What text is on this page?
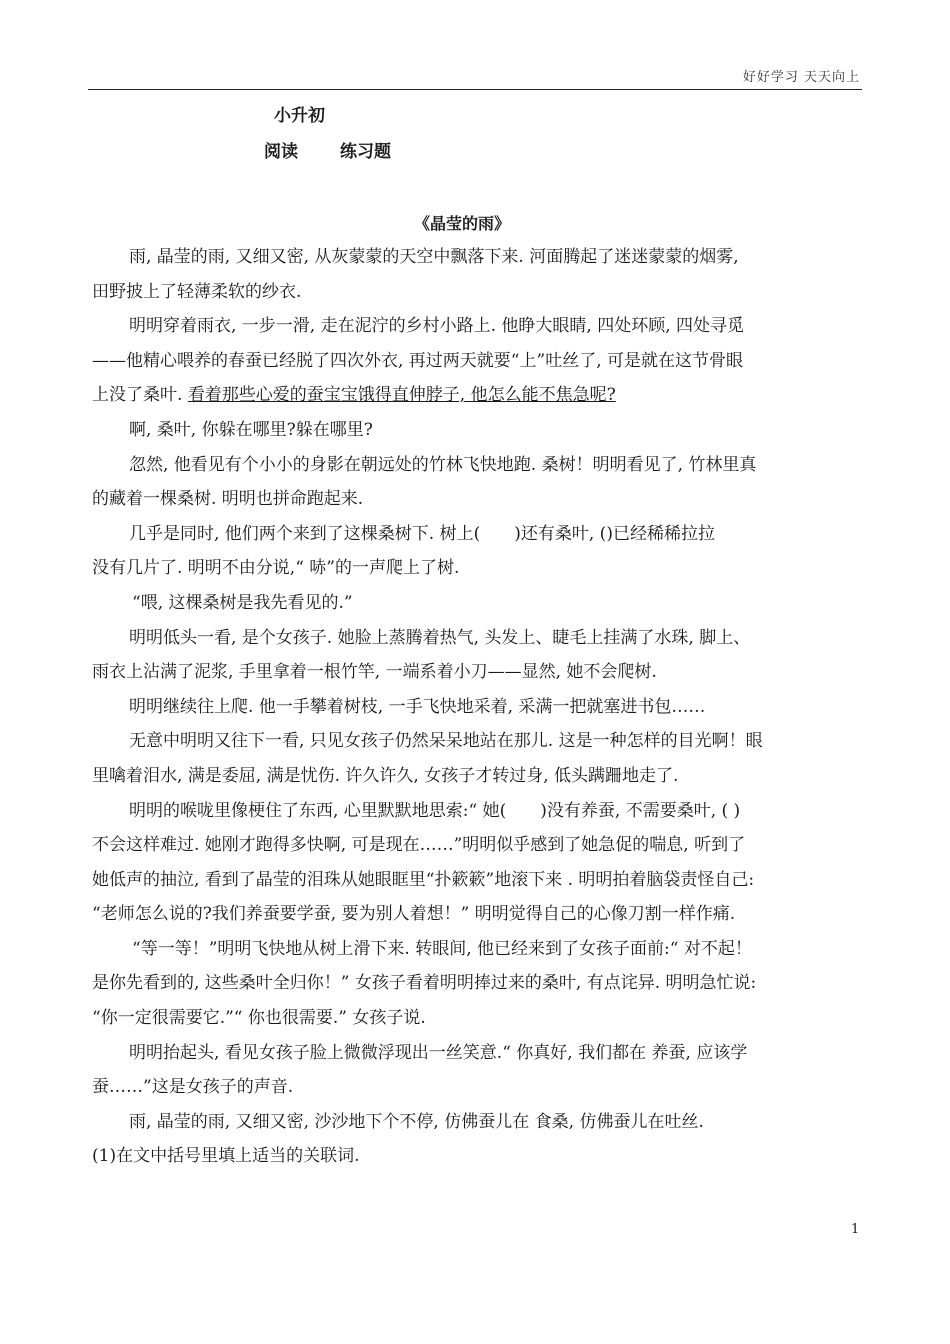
好好学习 天天向上
小升初
阅读 练习题
《晶莹的雨》
雨, 晶莹的雨, 又细又密, 从灰蒙蒙的天空中飘落下来. 河面腾起了迷迷蒙蒙的烟雾,
田野披上了轻薄柔软的纱衣.
明明穿着雨衣, 一步一滑, 走在泥泞的乡村小路上. 他睁大眼睛, 四处环顾, 四处寻觅
——他精心喂养的春蚕已经脱了四次外衣, 再过两天就要“上”吐丝了, 可是就在这节骨眼
上没了桑叶. 看着那些心爱的蚕宝宝饿得直伸脖子, 他怎么能不焦急呢?
啊, 桑叶, 你躲在哪里?躲在哪里?
忽然, 他看见有个小小的身影在朝远处的竹林飞快地跑. 桑树！明明看见了, 竹林里真
的藏着一棵桑树. 明明也拼命跑起来.
几乎是同时, 他们两个来到了这棵桑树下. 树上(　　)还有桑叶, ()已经稀稀拉拉
没有几片了. 明明不由分说,“ 哧”的一声爬上了树.
“喂, 这棵桑树是我先看见的.”
明明低头一看, 是个女孩子. 她脸上蒸腾着热气, 头发上、睫毛上挂满了水珠, 脚上、
雨衣上沾满了泥浆, 手里拿着一根竹竿, 一端系着小刀——显然, 她不会爬树.
明明继续往上爬. 他一手攀着树枝, 一手飞快地采着, 采满一把就塞进书包……
无意中明明又往下一看, 只见女孩子仍然呆呆地站在那儿. 这是一种怎样的目光啊！眼
里噙着泪水, 满是委屈, 满是忧伤. 许久许久, 女孩子才转过身, 低头蹒跚地走了.
明明的喉咙里像梗住了东西, 心里默默地思索:“ 她(　　)没有养蚕, 不需要桑叶, ( )
不会这样难过. 她刚才跑得多快啊, 可是现在……”明明似乎感到了她急促的喘息, 听到了
她低声的抽泣, 看到了晶莹的泪珠从她眼眶里“扑簌簌”地滚下来 . 明明拍着脑袋责怪自己:
“老师怎么说的?我们养蚕要学蚕, 要为别人着想！” 明明觉得自己的心像刀割一样作痛.
“等一等！”明明飞快地从树上滑下来. 转眼间, 他已经来到了女孩子面前:“ 对不起！
是你先看到的, 这些桑叶全归你！” 女孩子看着明明捧过来的桑叶, 有点诧异. 明明急忙说:
“你一定很需要它.”“ 你也很需要.” 女孩子说.
明明抬起头, 看见女孩子脸上微微浮现出一丝笑意.“ 你真好, 我们都在 养蚕, 应该学
蚕……”这是女孩子的声音.
雨, 晶莹的雨, 又细又密, 沙沙地下个不停, 仿佛蚕儿在 食桑, 仿佛蚕儿在吐丝.
(1)在文中括号里填上适当的关联词.
1
